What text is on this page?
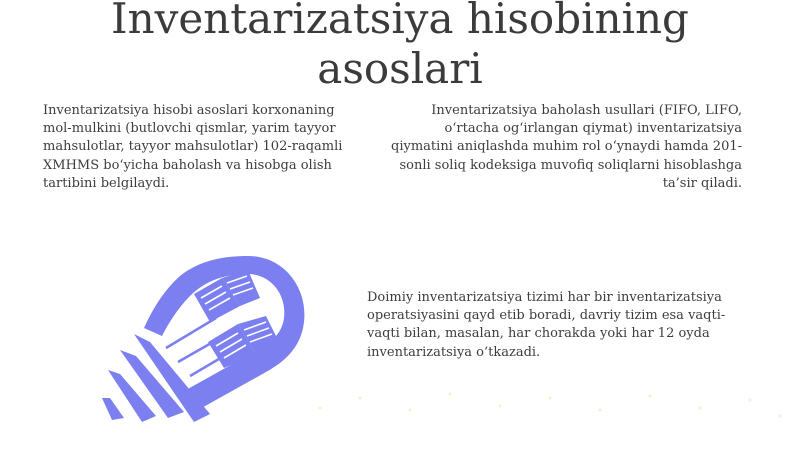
Inventarizatsiya hisobining asoslari

Inventarizatsiya hisobi asoslari korxonaning mol-mulkini (butlovchi qismlar, yarim tayyor mahsulotlar, tayyor mahsulotlar) 102-raqamli XMHMS bo‘yicha baholash va hisobga olish tartibini belgilaydi.

Inventarizatsiya baholash usullari (FIFO, LIFO, o‘rtacha og‘irlangan qiymat) inventarizatsiya qiymatini aniqlashda muhim rol o‘ynaydi hamda 201-sonli soliq kodeksiga muvofiq soliqlarni hisoblashga ta’sir qiladi.

Doimiy inventarizatsiya tizimi har bir inventarizatsiya operatsiyasini qayd etib boradi, davriy tizim esa vaqti-vaqti bilan, masalan, har chorakda yoki har 12 oyda inventarizatsiya o‘tkazadi.
